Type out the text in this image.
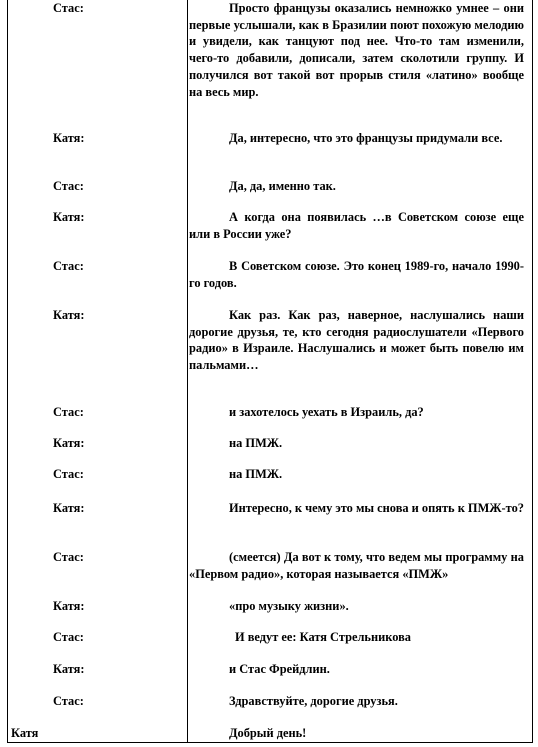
Стас:	Просто французы оказались немножко умнее – они первые услышали, как в Бразилии поют похожую мелодию и увидели, как танцуют под нее. Что-то там изменили, чего-то добавили, дописали, затем сколотили группу. И получился вот такой вот прорыв стиля «латино» вообще на весь мир.
Катя:	Да, интересно, что это французы придумали все.
Стас:	Да, да, именно так.
Катя:	А когда она появилась …в Советском союзе еще или в России уже?
Стас:	В Советском союзе. Это конец 1989-го, начало 1990-го годов.
Катя:	Как раз. Как раз, наверное, наслушались наши дорогие друзья, те, кто сегодня радиослушатели «Первого радио» в Израиле. Наслушались и может быть повелю им пальмами…
Стас:	и захотелось уехать в Израиль, да?
Катя:	на ПМЖ.
Стас:	на ПМЖ.
Катя:	Интересно, к чему это мы снова и опять к ПМЖ-то?
Стас:	(смеется) Да вот к тому, что ведем мы программу на «Первом радио», которая называется «ПМЖ»
Катя:	«про музыку жизни».
Стас:	И ведут ее: Катя Стрельникова
Катя:	и Стас Фрейдлин.
Стас:	Здравствуйте, дорогие друзья.
Катя	Добрый день!
